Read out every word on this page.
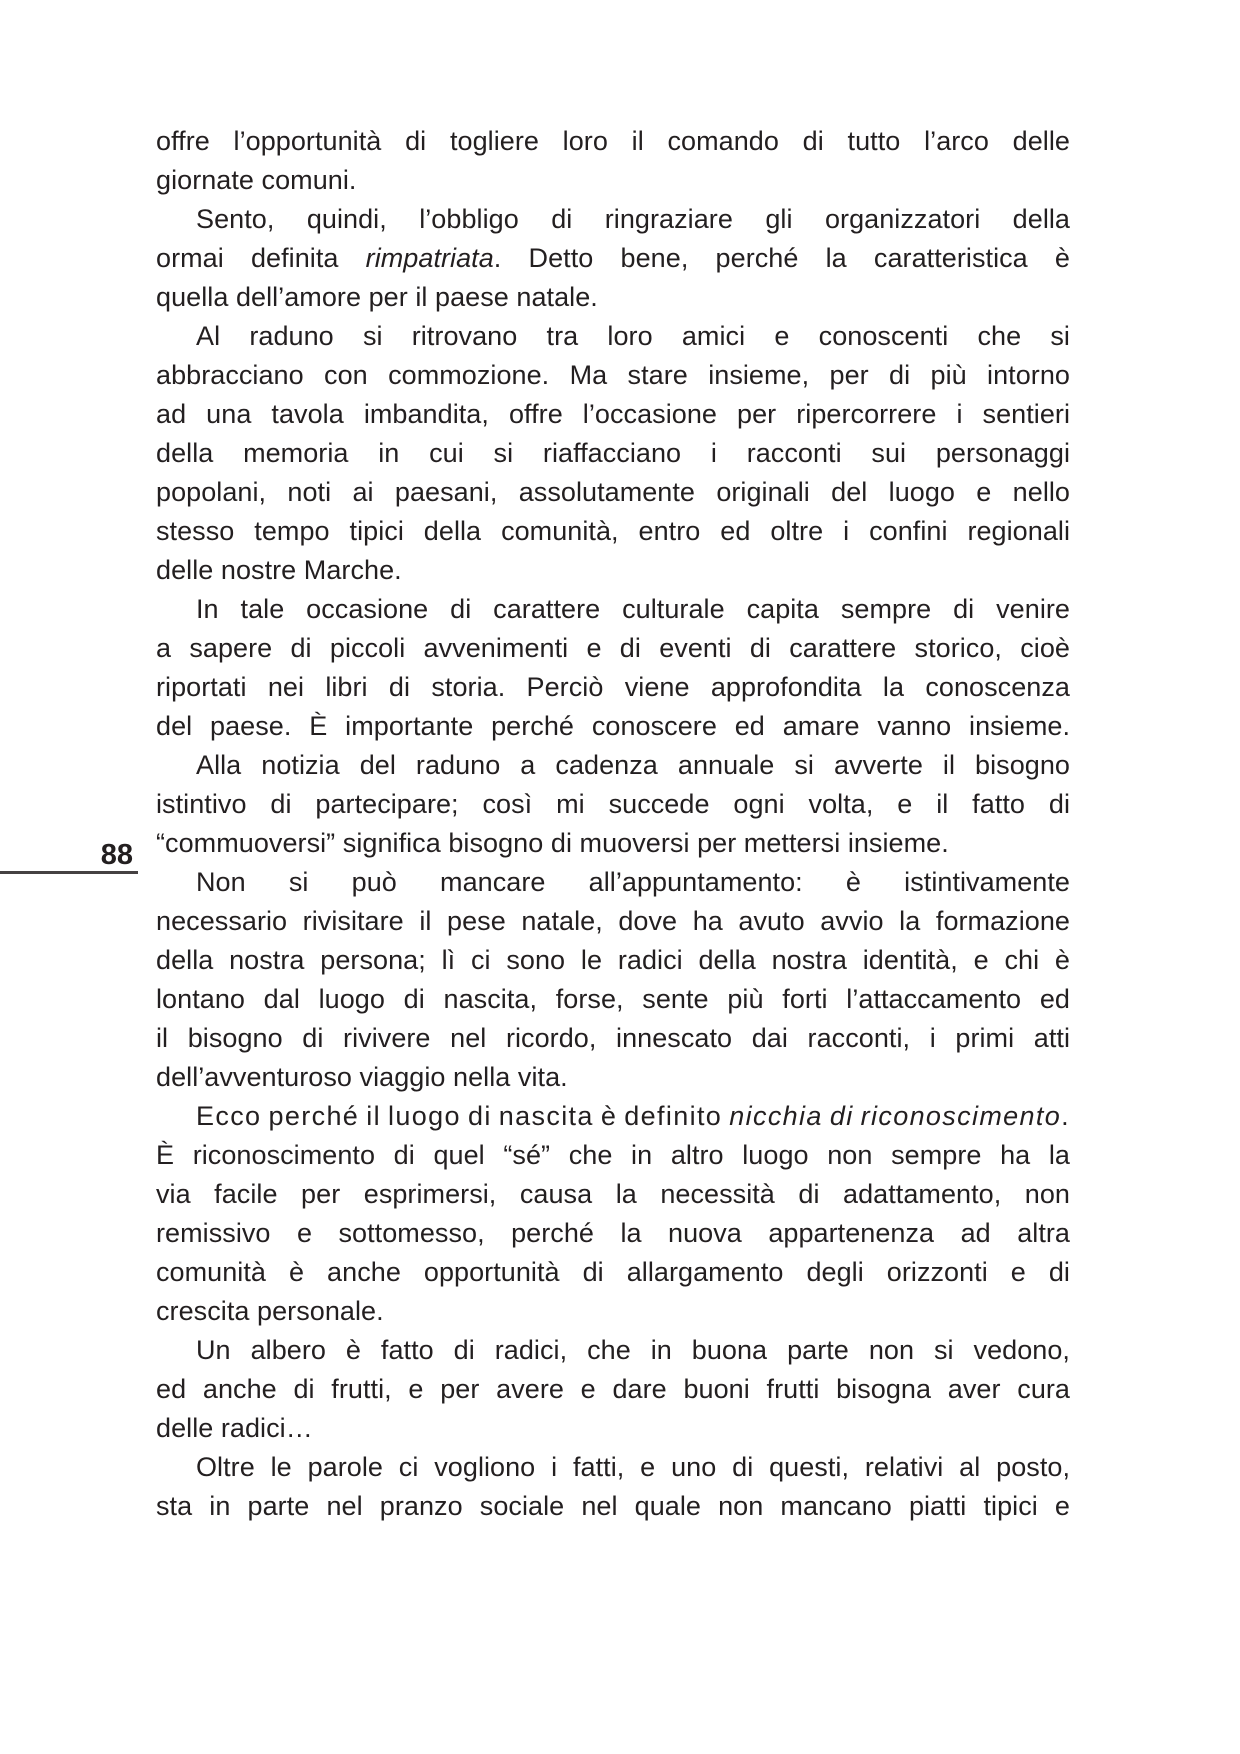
88
offre l’opportunità di togliere loro il comando di tutto l’arco delle
giornate comuni.
Sento, quindi, l’obbligo di ringraziare gli organizzatori della
ormai definita rimpatriata. Detto bene, perché la caratteristica è
quella dell’amore per il paese natale.
Al raduno si ritrovano tra loro amici e conoscenti che si
abbracciano con commozione. Ma stare insieme, per di più intorno
ad una tavola imbandita, offre l’occasione per ripercorrere i sentieri
della memoria in cui si riaffacciano i racconti sui personaggi
popolani, noti ai paesani, assolutamente originali del luogo e nello
stesso tempo tipici della comunità, entro ed oltre i confini regionali
delle nostre Marche.
In tale occasione di carattere culturale capita sempre di venire
a sapere di piccoli avvenimenti e di eventi di carattere storico, cioè
riportati nei libri di storia. Perciò viene approfondita la conoscenza
del paese. È importante perché conoscere ed amare vanno insieme.
Alla notizia del raduno a cadenza annuale si avverte il bisogno
istintivo di partecipare; così mi succede ogni volta, e il fatto di
“commuoversi” significa bisogno di muoversi per mettersi insieme.
Non si può mancare all’appuntamento: è istintivamente
necessario rivisitare il pese natale, dove ha avuto avvio la formazione
della nostra persona; lì ci sono le radici della nostra identità, e chi è
lontano dal luogo di nascita, forse, sente più forti l’attaccamento ed
il bisogno di rivivere nel ricordo, innescato dai racconti, i primi atti
dell’avventuroso viaggio nella vita.
Ecco perché il luogo di nascita è definito nicchia di riconoscimento.
È riconoscimento di quel “sé” che in altro luogo non sempre ha la
via facile per esprimersi, causa la necessità di adattamento, non
remissivo e sottomesso, perché la nuova appartenenza ad altra
comunità è anche opportunità di allargamento degli orizzonti e di
crescita personale.
Un albero è fatto di radici, che in buona parte non si vedono,
ed anche di frutti, e per avere e dare buoni frutti bisogna aver cura
delle radici…
Oltre le parole ci vogliono i fatti, e uno di questi, relativi al posto,
sta in parte nel pranzo sociale nel quale non mancano piatti tipici e
